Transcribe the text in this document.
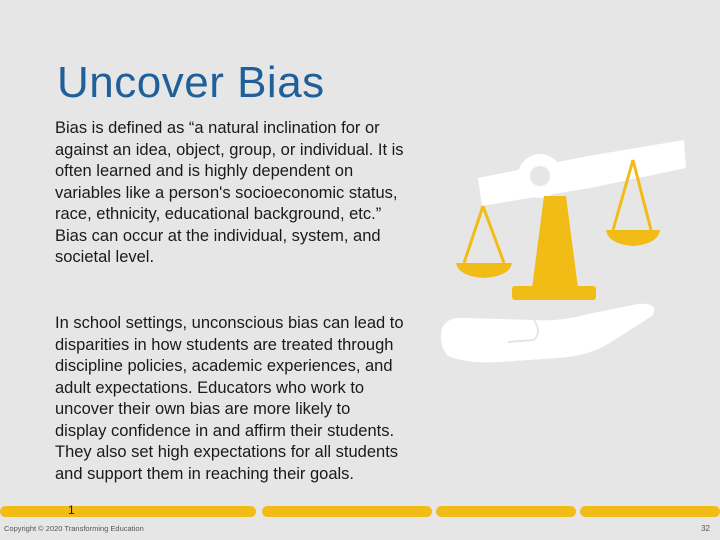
Uncover Bias

Bias is defined as “a natural inclination for or against an idea, object, group, or individual. It is often learned and is highly dependent on variables like a person's socioeconomic status, race, ethnicity, educational background, etc.” Bias can occur at the individual, system, and societal level.

In school settings, unconscious bias can lead to disparities in how students are treated through discipline policies, academic experiences, and adult expectations. Educators who work to uncover their own bias are more likely to display confidence in and affirm their students. They also set high expectations for all students and support them in reaching their goals.

1
Copyright © 2020 Transforming Education	32
